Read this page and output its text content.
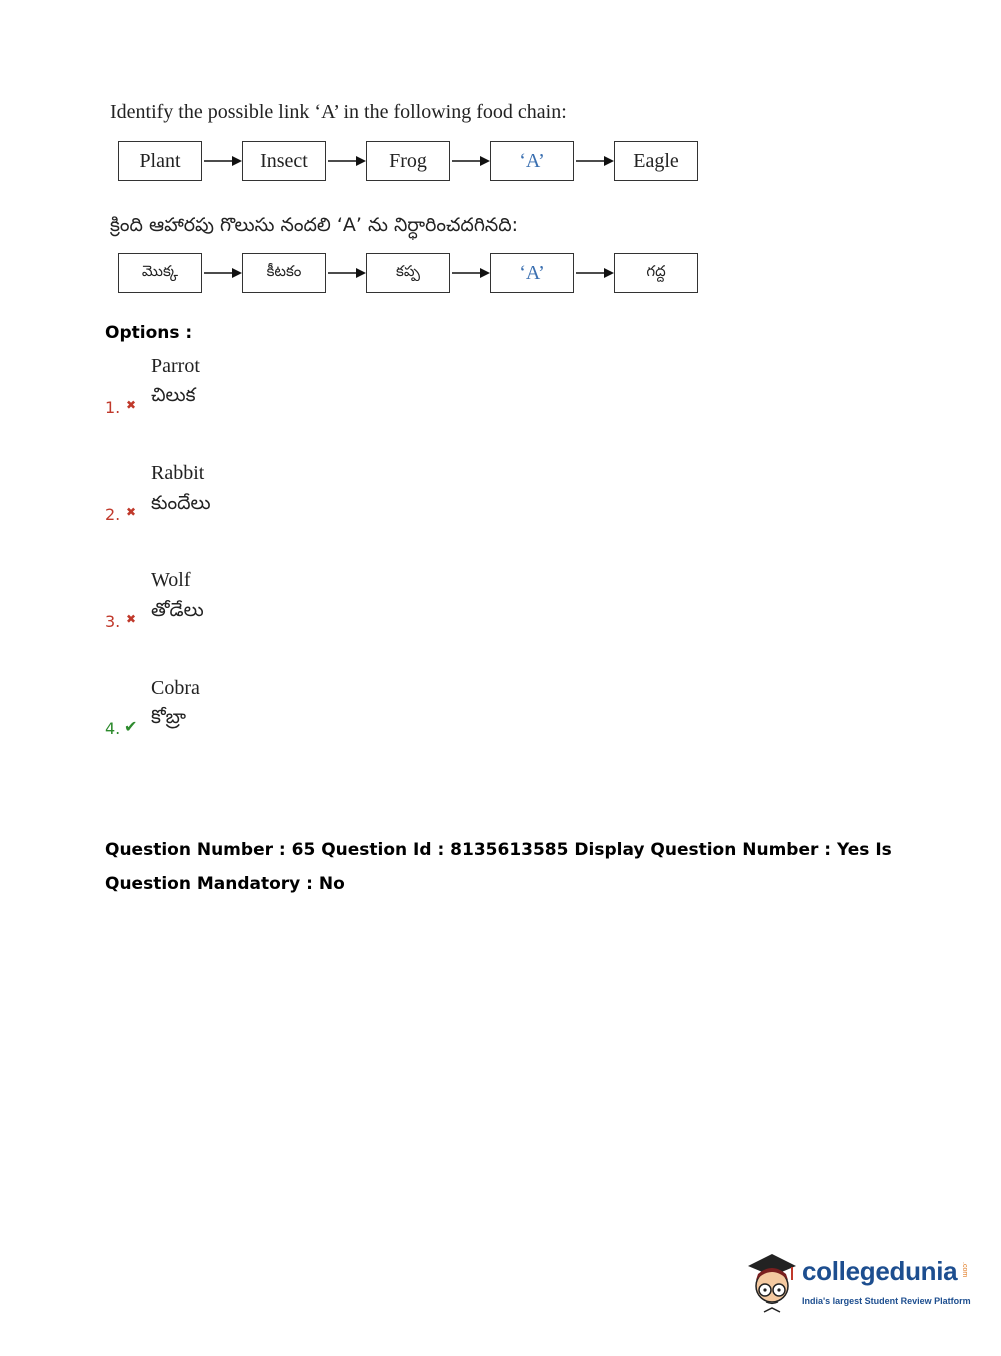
Identify the possible link ‘A’ in the following food chain:
Plant	Insect	Frog	‘A’	Eagle
క్రింది ఆహారపు గొలుసు నందలి ‘A’ ను నిర్ధారించదగినది:
మొక్క	కీటకం	కప్ప	‘A’	గద్ద
Options :
Parrot
చిలుక
1. ✖
Rabbit
కుందేలు
2. ✖
Wolf
తోడేలు
3. ✖
Cobra
కోబ్రా
4. ✔
Question Number : 65 Question Id : 8135613585 Display Question Number : Yes Is Question Mandatory : No
collegedunia .com
India's largest Student Review Platform
